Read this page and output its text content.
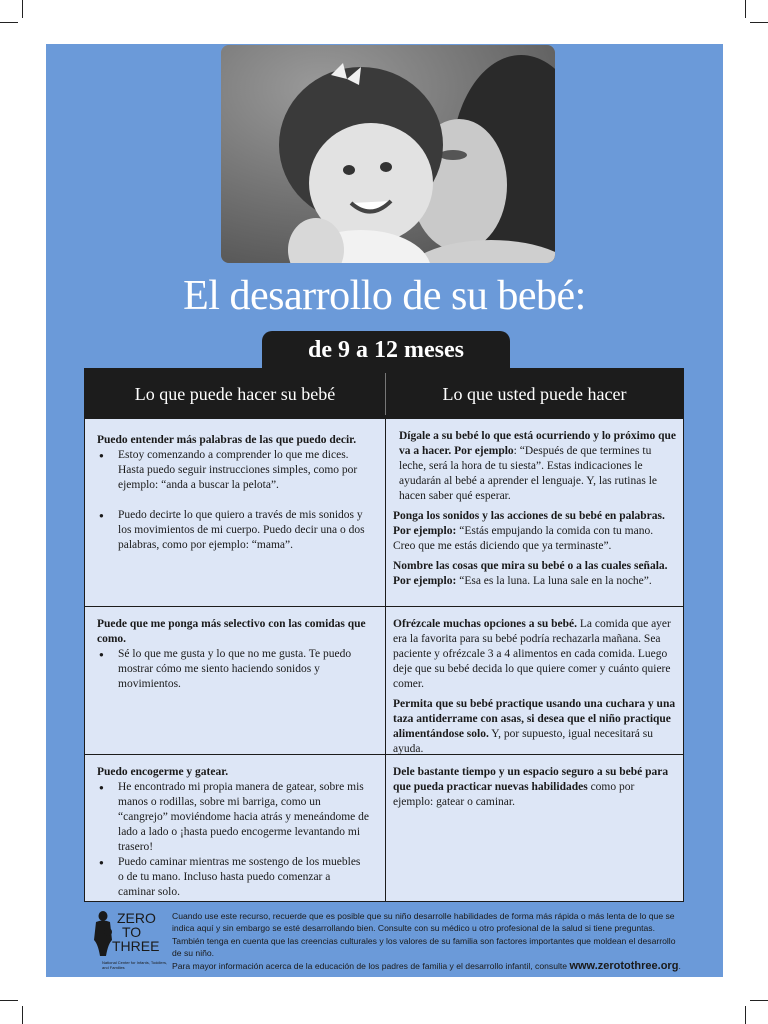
El desarrollo de su bebé:
de 9 a 12 meses
Lo que puede hacer su bebé	Lo que usted puede hacer

Puedo entender más palabras de las que puedo decir.

● Estoy comenzando a comprender lo que me dices. Hasta puedo seguir instrucciones simples, como por ejemplo: “anda a buscar la pelota”.
● Puedo decirte lo que quiero a través de mis sonidos y los movimientos de mi cuerpo. Puedo decir una o dos palabras, como por ejemplo: “mama”.

Dígale a su bebé lo que está ocurriendo y lo próximo que va a hacer. Por ejemplo: “Después de que termines tu leche, será la hora de tu siesta”. Estas indicaciones le ayudarán al bebé a aprender el lenguaje. Y, las rutinas le hacen saber qué esperar.

Ponga los sonidos y las acciones de su bebé en palabras. Por ejemplo: “Estás empujando la comida con tu mano. Creo que me estás diciendo que ya terminaste”.

Nombre las cosas que mira su bebé o a las cuales señala. Por ejemplo: “Esa es la luna. La luna sale en la noche”.

Puede que me ponga más selectivo con las comidas que como.

● Sé lo que me gusta y lo que no me gusta. Te puedo mostrar cómo me siento haciendo sonidos y movimientos.

Ofrézcale muchas opciones a su bebé. La comida que ayer era la favorita para su bebé podría rechazarla mañana. Sea paciente y ofrézcale 3 a 4 alimentos en cada comida. Luego deje que su bebé decida lo que quiere comer y cuánto quiere comer.

Permita que su bebé practique usando una cuchara y una taza antiderrame con asas, si desea que el niño practique alimentándose solo. Y, por supuesto, igual necesitará su ayuda.

Puedo encogerme y gatear.

● He encontrado mi propia manera de gatear, sobre mis manos o rodillas, sobre mi barriga, como un “cangrejo” moviéndome hacia atrás y meneándome de lado a lado o ¡hasta puedo encogerme levantando mi trasero!
● Puedo caminar mientras me sostengo de los muebles o de tu mano. Incluso hasta puedo comenzar a caminar solo.

Dele bastante tiempo y un espacio seguro a su bebé para que pueda practicar nuevas habilidades como por ejemplo: gatear o caminar.

ZERO
TO
THREE
National Center for Infants, Toddlers, and Families

Cuando use este recurso, recuerde que es posible que su niño desarrolle habilidades de forma más rápida o más lenta de lo que se indica aquí y sin embargo se esté desarrollando bien. Consulte con su médico u otro profesional de la salud si tiene preguntas.

También tenga en cuenta que las creencias culturales y los valores de su familia son factores importantes que moldean el desarrollo de su niño.

Para mayor información acerca de la educación de los padres de familia y el desarrollo infantil, consulte www.zerotothree.org.
